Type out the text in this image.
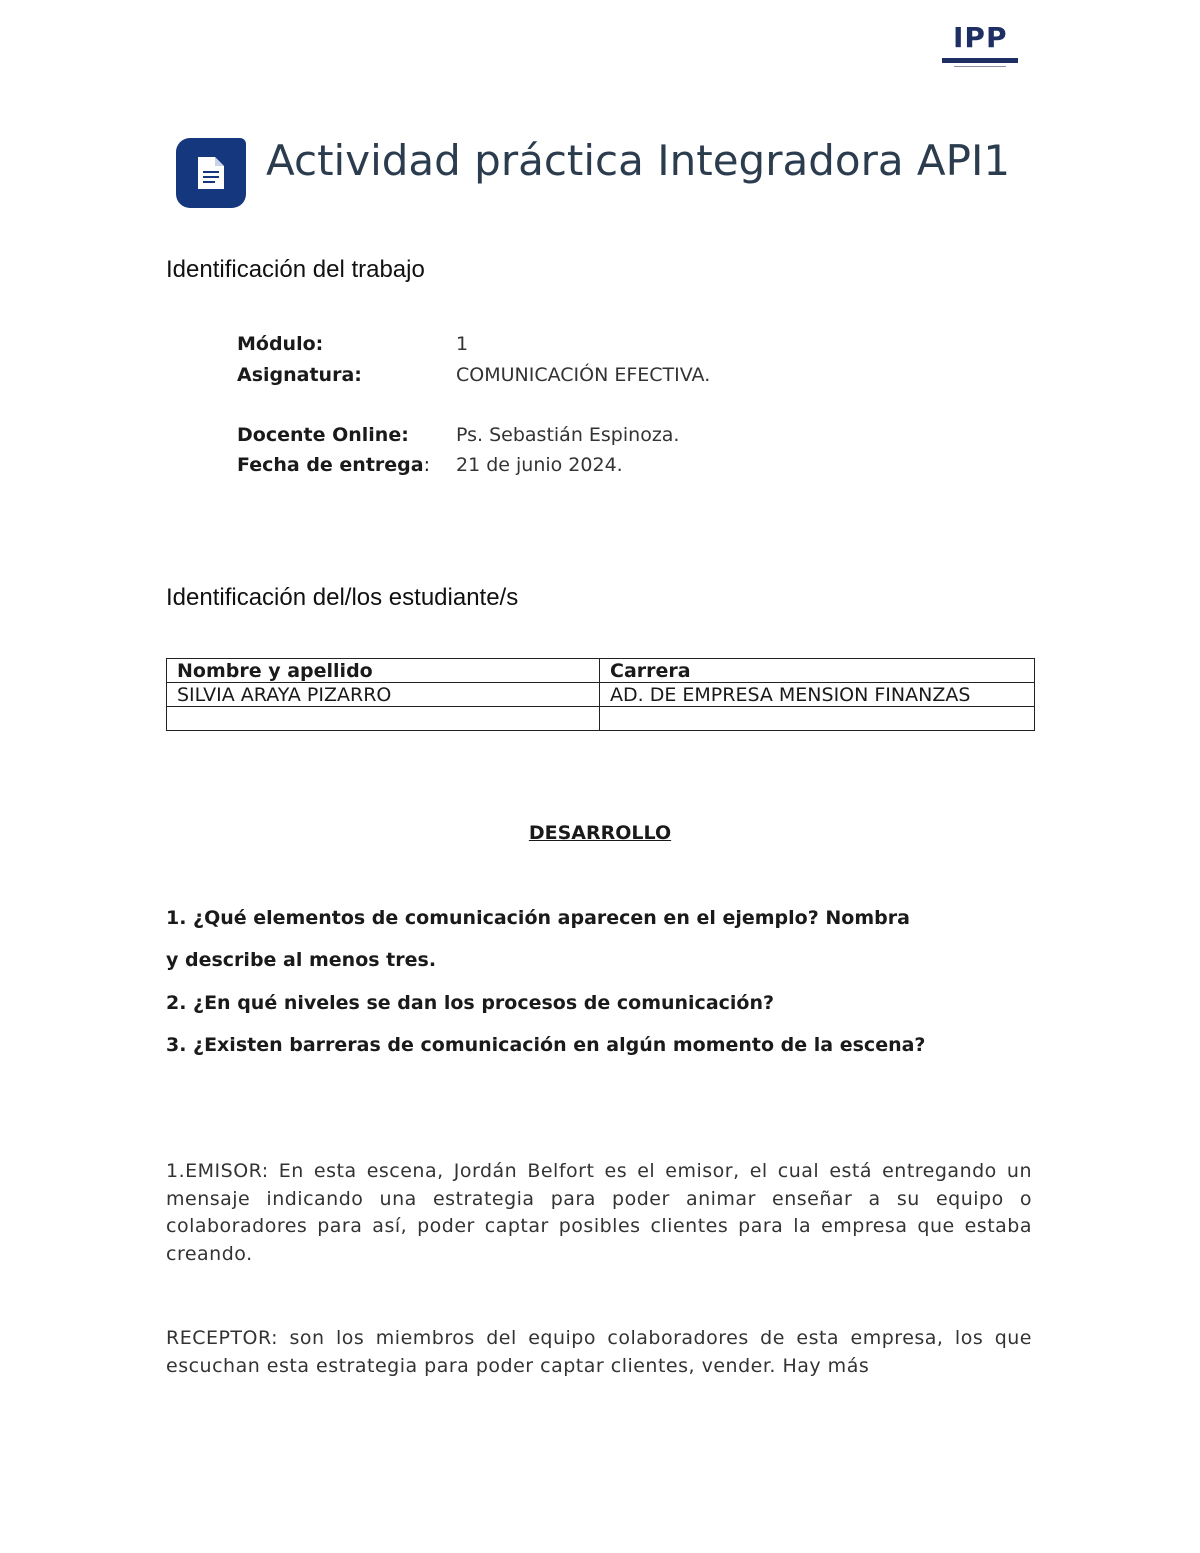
IPP
Actividad práctica Integradora API1
Identificación del trabajo
Módulo:	1
Asignatura:	COMUNICACIÓN EFECTIVA.
Docente Online: Ps. Sebastián Espinoza.
Fecha de entrega: 21 de junio 2024.
Identificación del/los estudiante/s
Nombre y apellido	Carrera
SILVIA ARAYA PIZARRO	AD. DE EMPRESA MENSION FINANZAS

DESARROLLO
1. ¿Qué elementos de comunicación aparecen en el ejemplo? Nombra
y describe al menos tres.
2. ¿En qué niveles se dan los procesos de comunicación?
3. ¿Existen barreras de comunicación en algún momento de la escena?
1.EMISOR: En esta escena, Jordán Belfort es el emisor, el cual está entregando un mensaje indicando una estrategia para poder animar enseñar a su equipo o colaboradores para así, poder captar posibles clientes para la empresa que estaba creando.
RECEPTOR: son los miembros del equipo colaboradores de esta empresa, los que escuchan esta estrategia para poder captar clientes, vender. Hay más
